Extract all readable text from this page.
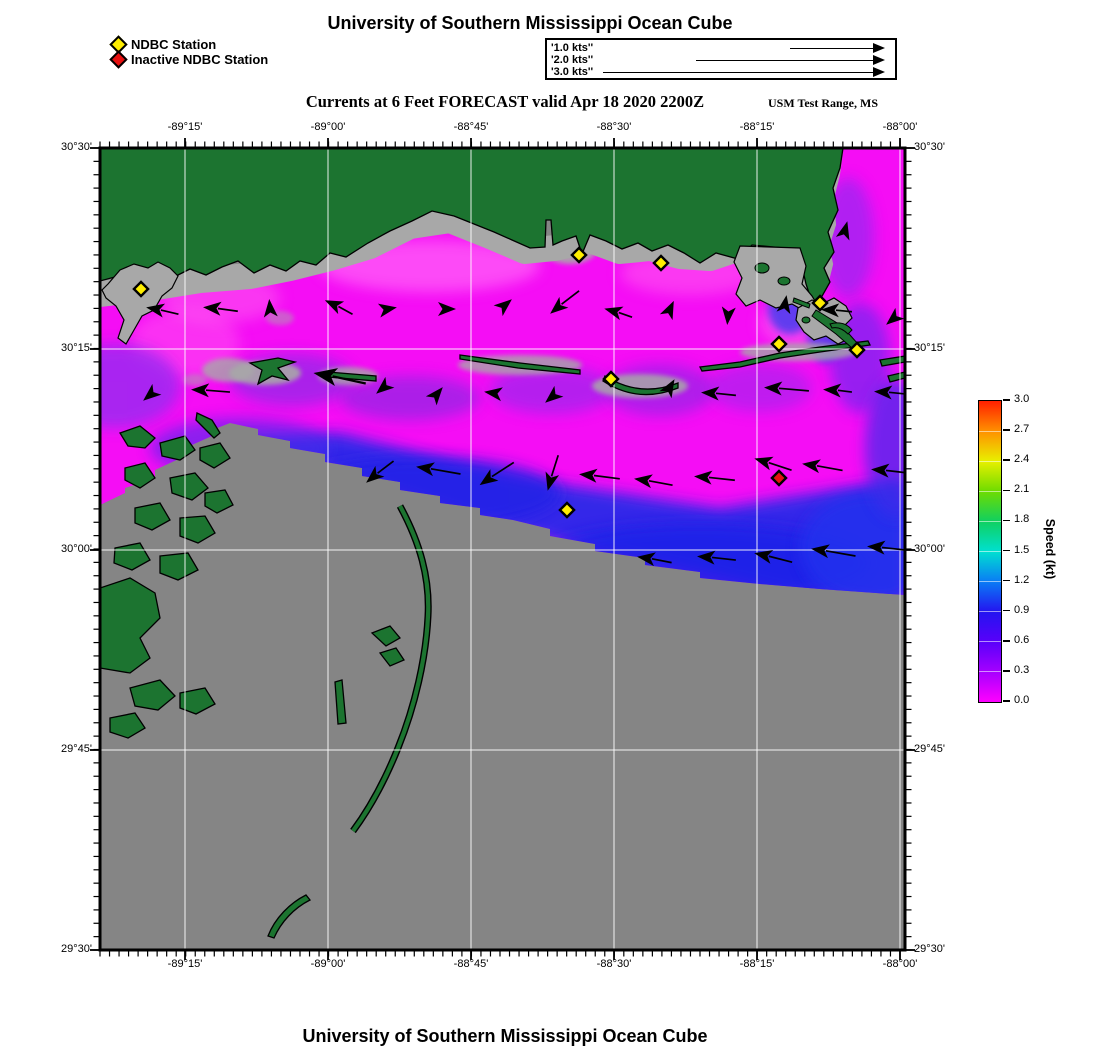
University of Southern Mississippi Ocean Cube
NDBC Station
Inactive NDBC Station
'1.0 kts''
'2.0 kts''
'3.0 kts''
Currents at 6 Feet FORECAST valid Apr 18 2020 2200Z	USM Test Range, MS
-89°15'	-89°00'	-88°45'	-88°30'	-88°15'	-88°00'
-89°15'	-89°00'	-88°45'	-88°30'	-88°15'	-88°00'
30°30'
30°15'
30°00'
29°45'
29°30'
30°30'
30°15'
30°00'
29°45'
29°30'
0.0
0.3
0.6
0.9
1.2
1.5
1.8
2.1
2.4
2.7
3.0
Speed (kt)
University of Southern Mississippi Ocean Cube
